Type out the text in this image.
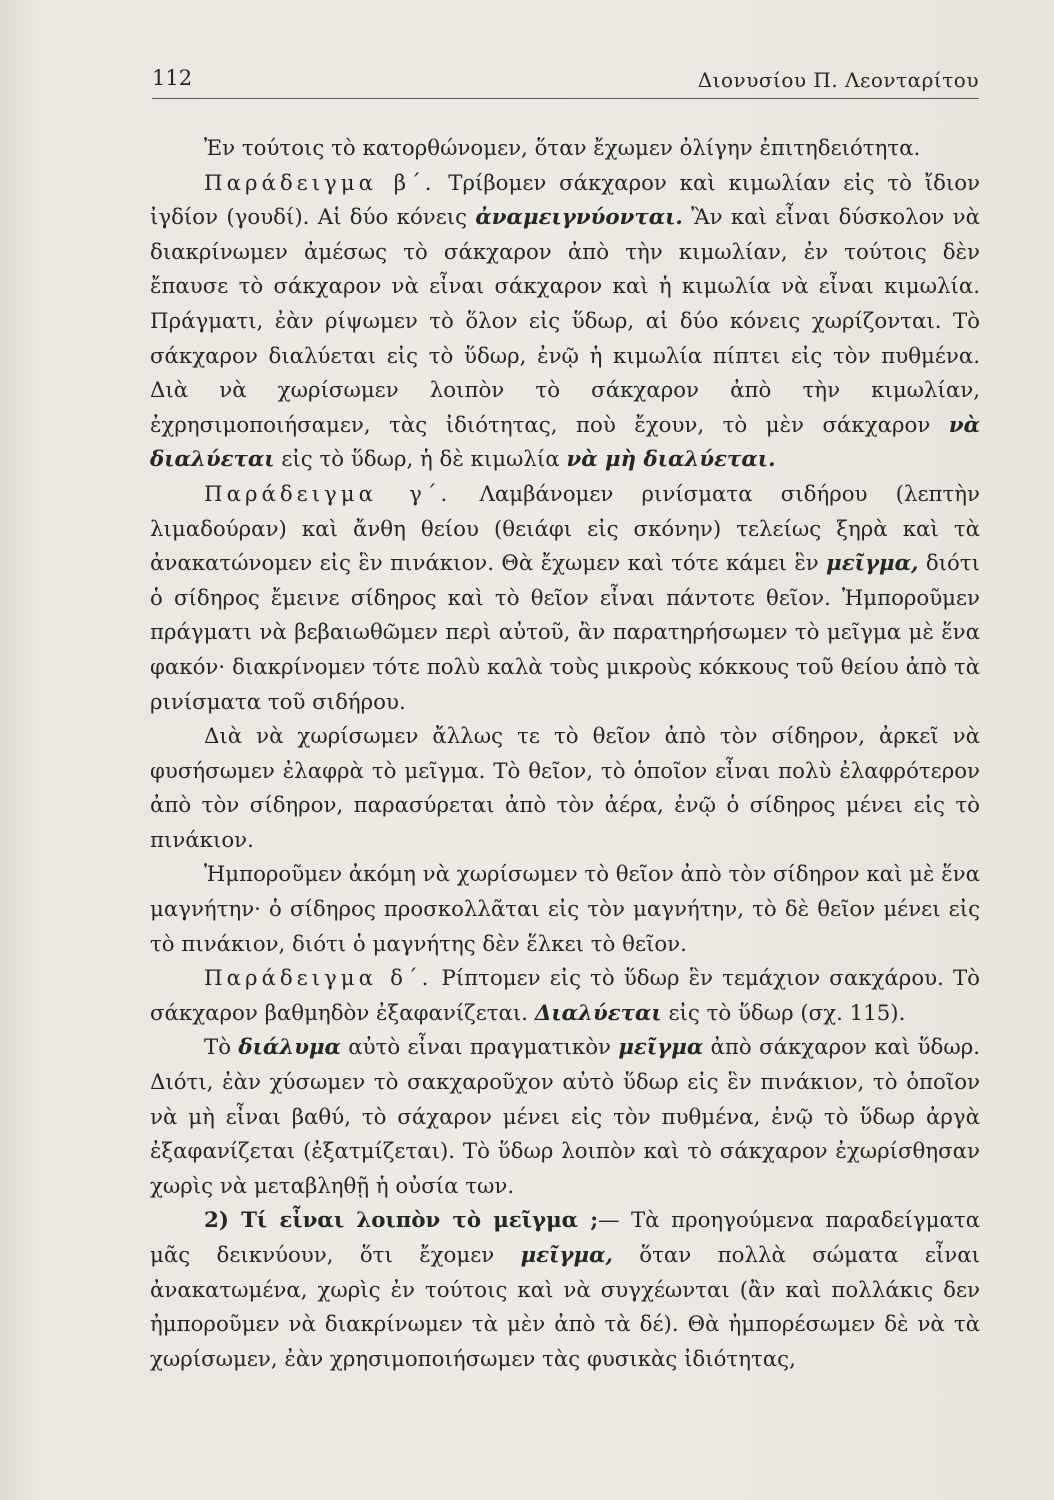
112	Διονυσίου Π. Λεονταρίτου

Ἐν τούτοις τὸ κατορθώνομεν, ὅταν ἔχωμεν ὀλίγην ἐπιτηδειότητα.

Παράδειγμα β΄. Τρίβομεν σάκχαρον καὶ κιμωλίαν εἰς τὸ ἴδιον ἰγδίον (γουδί). Αἱ δύο κόνεις ἀναμειγνύονται. Ἂν καὶ εἶναι δύσκολον νὰ διακρίνωμεν ἀμέσως τὸ σάκχαρον ἀπὸ τὴν κιμωλίαν, ἐν τούτοις δὲν ἔπαυσε τὸ σάκχαρον νὰ εἶναι σάκχαρον καὶ ἡ κιμωλία νὰ εἶναι κιμωλία. Πράγματι, ἐὰν ρίψωμεν τὸ ὅλον εἰς ὕδωρ, αἱ δύο κόνεις χωρίζονται. Τὸ σάκχαρον διαλύεται εἰς τὸ ὕδωρ, ἐνῷ ἡ κιμωλία πίπτει εἰς τὸν πυθμένα. Διὰ νὰ χωρίσωμεν λοιπὸν τὸ σάκχαρον ἀπὸ τὴν κιμωλίαν, ἐχρησιμοποιήσαμεν, τὰς ἰδιότητας, ποὺ ἔχουν, τὸ μὲν σάκχαρον νὰ διαλύεται εἰς τὸ ὕδωρ, ἡ δὲ κιμωλία νὰ μὴ διαλύεται.

Παράδειγμα γ΄. Λαμβάνομεν ρινίσματα σιδήρου (λεπτὴν λιμαδούραν) καὶ ἄνθη θείου (θειάφι εἰς σκόνην) τελείως ξηρὰ καὶ τὰ ἀνακατώνομεν εἰς ἓν πινάκιον. Θὰ ἔχωμεν καὶ τότε κάμει ἓν μεῖγμα, διότι ὁ σίδηρος ἔμεινε σίδηρος καὶ τὸ θεῖον εἶναι πάντοτε θεῖον. Ἠμποροῦμεν πράγματι νὰ βεβαιωθῶμεν περὶ αὐτοῦ, ἂν παρατηρήσωμεν τὸ μεῖγμα μὲ ἕνα φακόν· διακρίνομεν τότε πολὺ καλὰ τοὺς μικροὺς κόκκους τοῦ θείου ἀπὸ τὰ ρινίσματα τοῦ σιδήρου.

Διὰ νὰ χωρίσωμεν ἄλλως τε τὸ θεῖον ἀπὸ τὸν σίδηρον, ἀρκεῖ νὰ φυσήσωμεν ἐλαφρὰ τὸ μεῖγμα. Τὸ θεῖον, τὸ ὁποῖον εἶναι πολὺ ἐλαφρότερον ἀπὸ τὸν σίδηρον, παρασύρεται ἀπὸ τὸν ἀέρα, ἐνῷ ὁ σίδηρος μένει εἰς τὸ πινάκιον.

Ἠμποροῦμεν ἀκόμη νὰ χωρίσωμεν τὸ θεῖον ἀπὸ τὸν σίδηρον καὶ μὲ ἕνα μαγνήτην· ὁ σίδηρος προσκολλᾶται εἰς τὸν μαγνήτην, τὸ δὲ θεῖον μένει εἰς τὸ πινάκιον, διότι ὁ μαγνήτης δὲν ἕλκει τὸ θεῖον.

Παράδειγμα δ΄. Ρίπτομεν εἰς τὸ ὕδωρ ἓν τεμάχιον σακχάρου. Τὸ σάκχαρον βαθμηδὸν ἐξαφανίζεται. Διαλύεται εἰς τὸ ὕδωρ (σχ. 115).

Τὸ διάλυμα αὐτὸ εἶναι πραγματικὸν μεῖγμα ἀπὸ σάκχαρον καὶ ὕδωρ. Διότι, ἐὰν χύσωμεν τὸ σακχαροῦχον αὐτὸ ὕδωρ εἰς ἓν πινάκιον, τὸ ὁποῖον νὰ μὴ εἶναι βαθύ, τὸ σάχαρον μένει εἰς τὸν πυθμένα, ἐνῷ τὸ ὕδωρ ἀργὰ ἐξαφανίζεται (ἐξατμίζεται). Τὸ ὕδωρ λοιπὸν καὶ τὸ σάκχαρον ἐχωρίσθησαν χωρὶς νὰ μεταβληθῇ ἡ οὐσία των.

2) Τί εἶναι λοιπὸν τὸ μεῖγμα ;— Τὰ προηγούμενα παραδείγματα μᾶς δεικνύουν, ὅτι ἔχομεν μεῖγμα, ὅταν πολλὰ σώματα εἶναι ἀνακατωμένα, χωρὶς ἐν τούτοις καὶ νὰ συγχέωνται (ἂν καὶ πολλάκις δεν ἠμποροῦμεν νὰ διακρίνωμεν τὰ μὲν ἀπὸ τὰ δέ). Θὰ ἠμπορέσωμεν δὲ νὰ τὰ χωρίσωμεν, ἐὰν χρησιμοποιήσωμεν τὰς φυσικὰς ἰδιότητας,
